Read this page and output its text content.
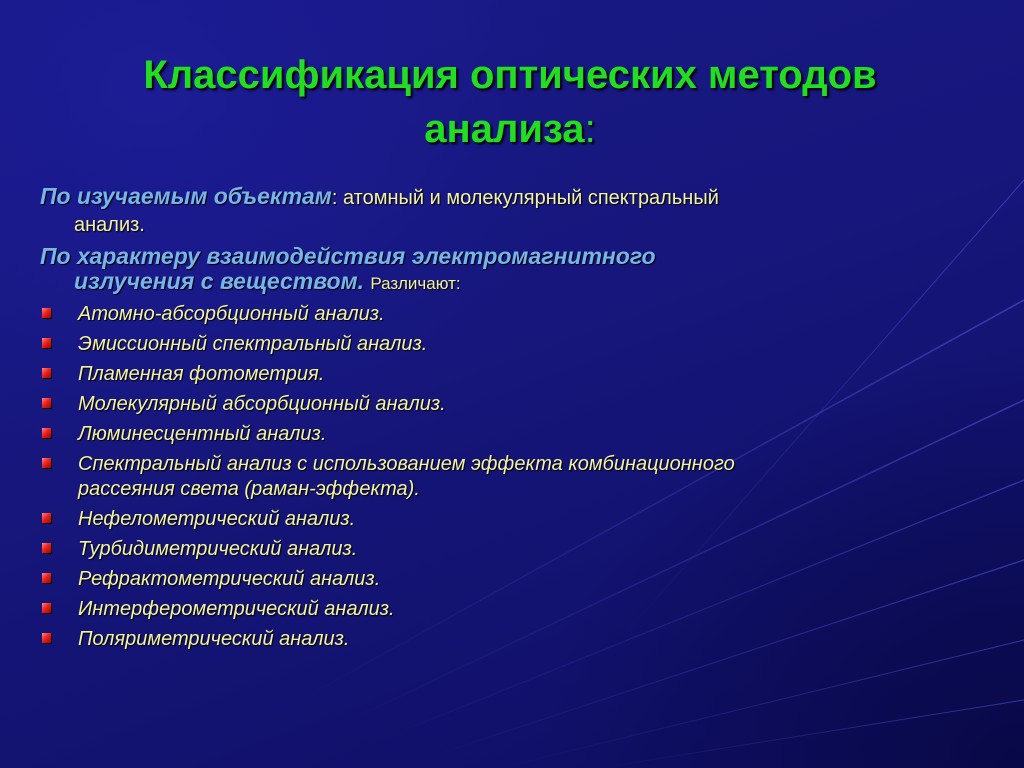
Классификация оптических методов
анализа:

По изучаемым объектам: атомный и молекулярный спектральный
анализ.

По характеру взаимодействия электромагнитного
излучения с веществом. Различают:

Атомно-абсорбционный анализ.
Эмиссионный спектральный анализ.
Пламенная фотометрия.
Молекулярный абсорбционный анализ.
Люминесцентный анализ.
Спектральный анализ с использованием эффекта комбинационного
рассеяния света (раман-эффекта).
Нефелометрический анализ.
Турбидиметрический анализ.
Рефрактометрический анализ.
Интерферометрический анализ.
Поляриметрический анализ.
